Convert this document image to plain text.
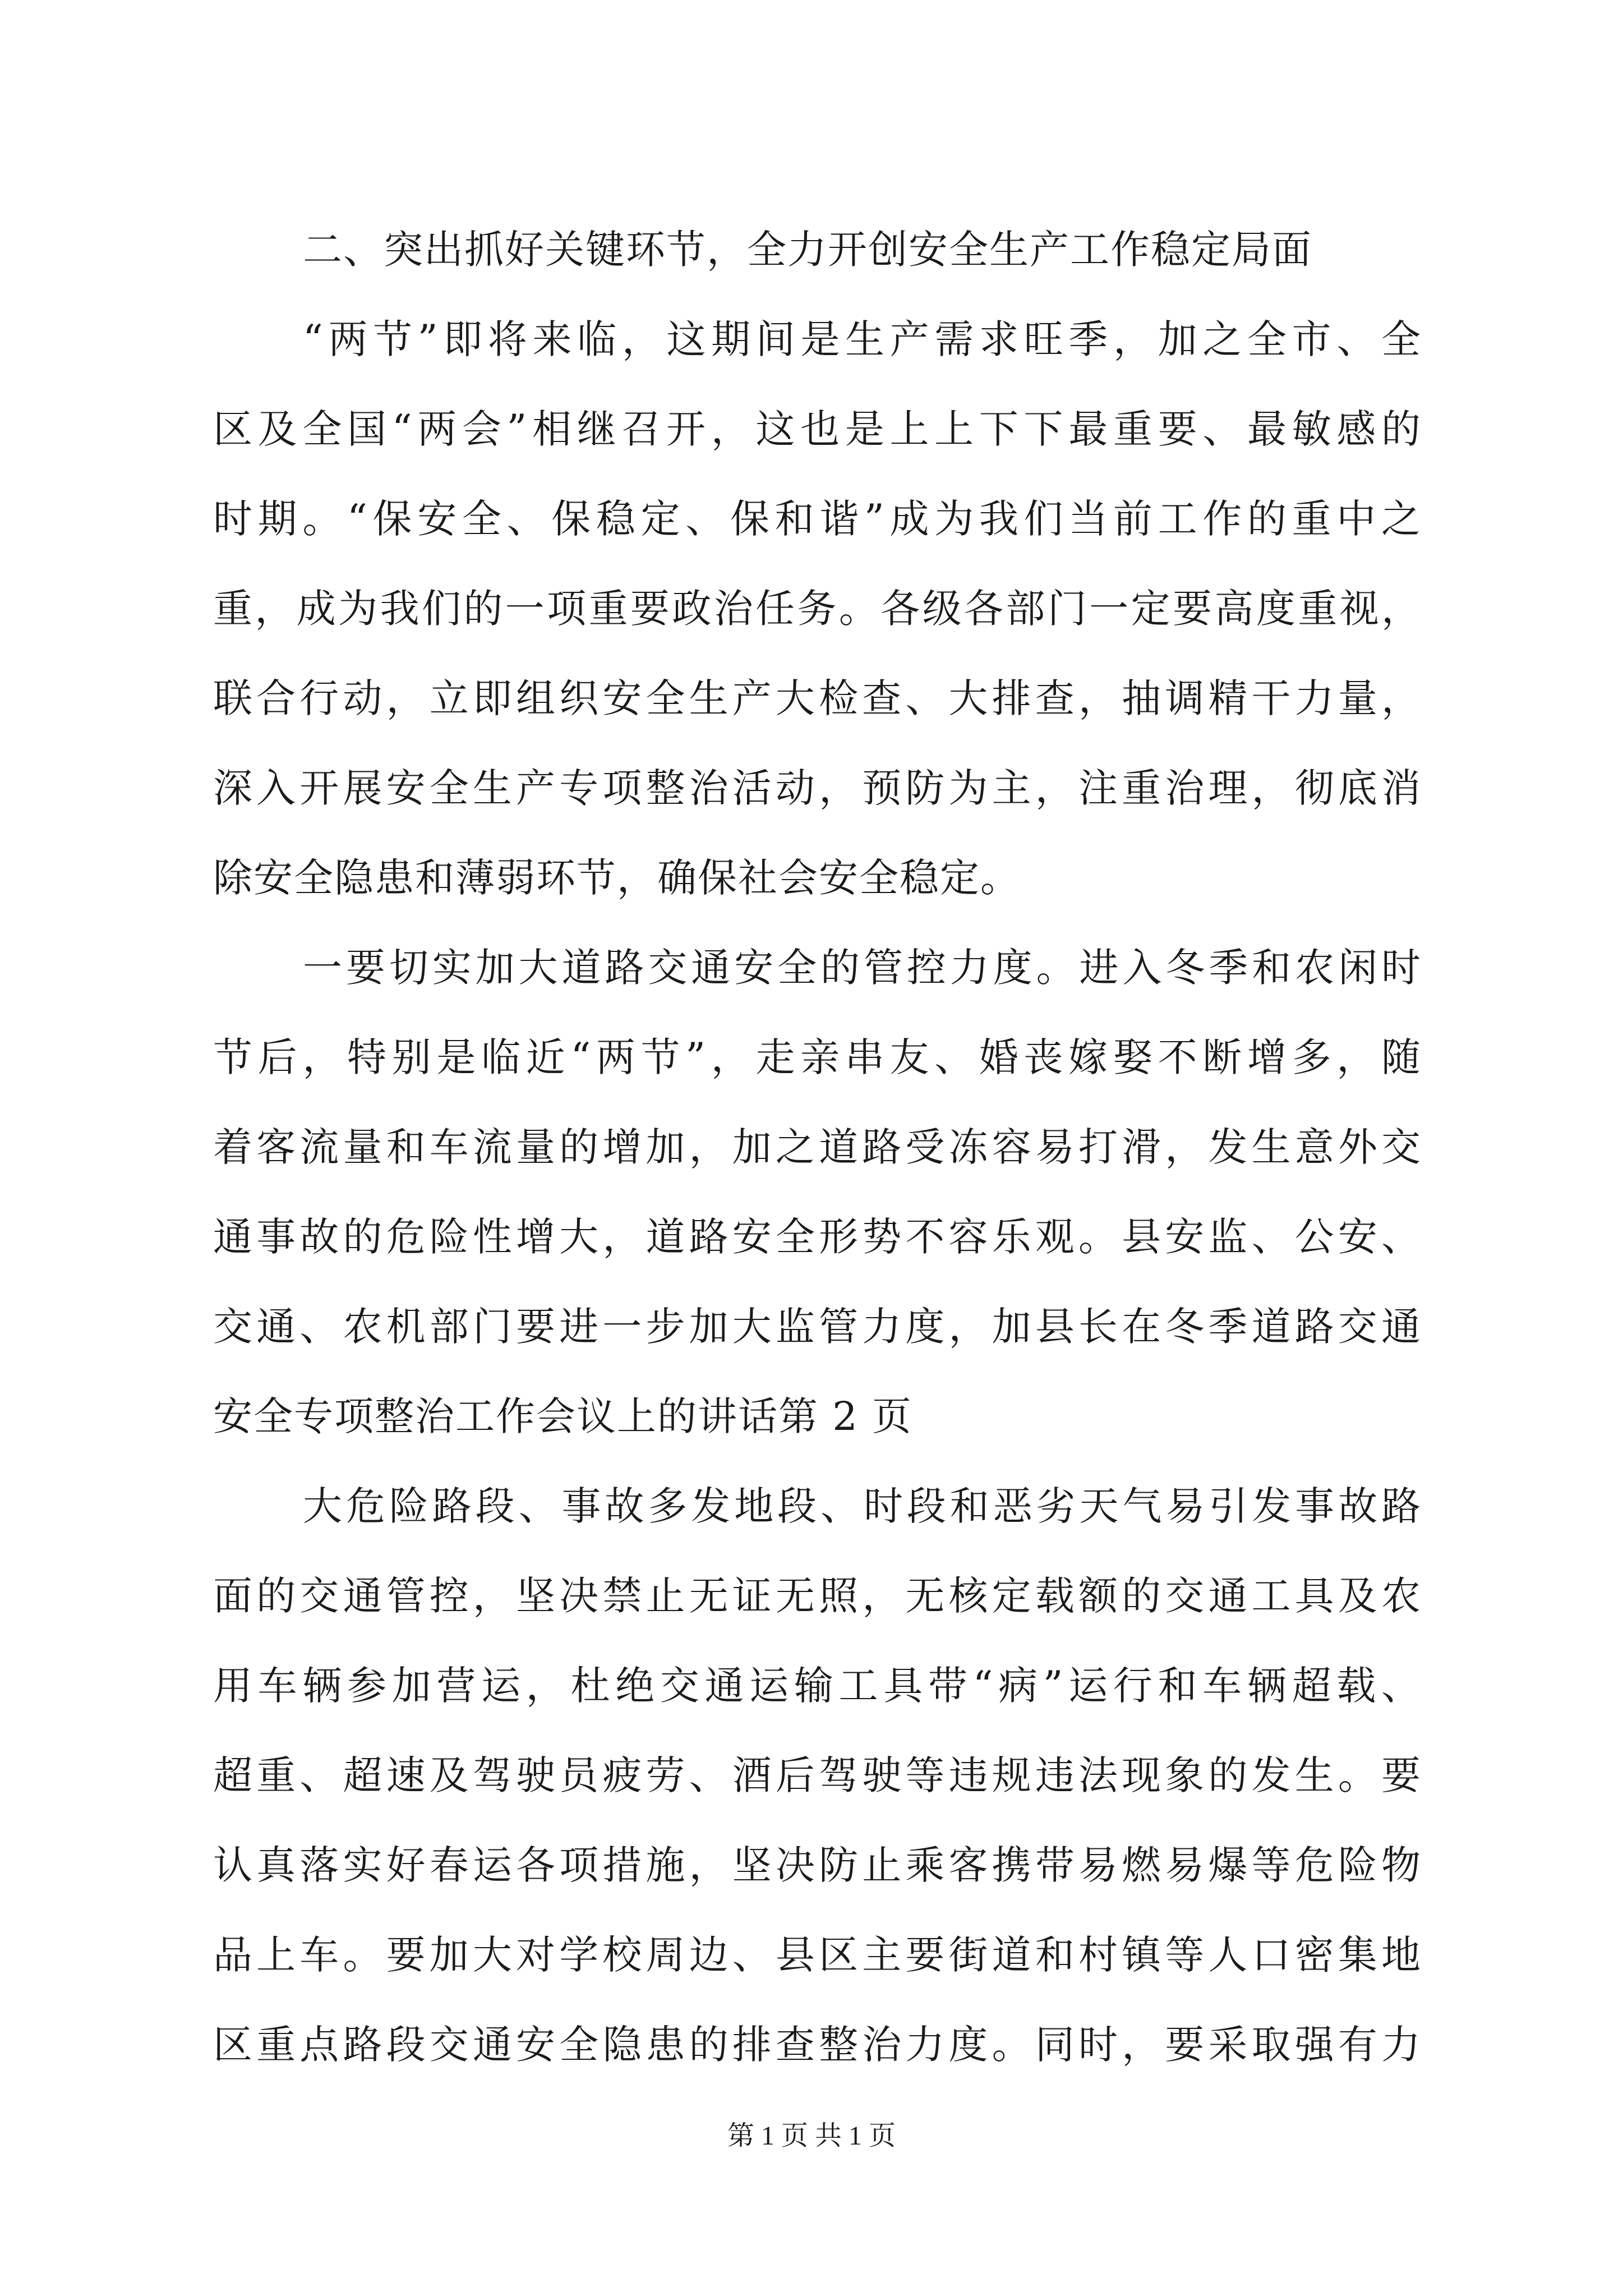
二、突出抓好关键环节，全力开创安全生产工作稳定局面
“两节”即将来临，这期间是生产需求旺季，加之全市、全
区及全国“两会”相继召开，这也是上上下下最重要、最敏感的
时期。“保安全、保稳定、保和谐”成为我们当前工作的重中之
重，成为我们的一项重要政治任务。各级各部门一定要高度重视，
联合行动，立即组织安全生产大检查、大排查，抽调精干力量，
深入开展安全生产专项整治活动，预防为主，注重治理，彻底消
除安全隐患和薄弱环节，确保社会安全稳定。
一要切实加大道路交通安全的管控力度。进入冬季和农闲时
节后，特别是临近“两节”，走亲串友、婚丧嫁娶不断增多，随
着客流量和车流量的增加，加之道路受冻容易打滑，发生意外交
通事故的危险性增大，道路安全形势不容乐观。县安监、公安、
交通、农机部门要进一步加大监管力度，加县长在冬季道路交通
安全专项整治工作会议上的讲话第 2 页
大危险路段、事故多发地段、时段和恶劣天气易引发事故路
面的交通管控，坚决禁止无证无照，无核定载额的交通工具及农
用车辆参加营运，杜绝交通运输工具带“病”运行和车辆超载、
超重、超速及驾驶员疲劳、酒后驾驶等违规违法现象的发生。要
认真落实好春运各项措施，坚决防止乘客携带易燃易爆等危险物
品上车。要加大对学校周边、县区主要街道和村镇等人口密集地
区重点路段交通安全隐患的排查整治力度。同时，要采取强有力
第 1 页 共 1 页
